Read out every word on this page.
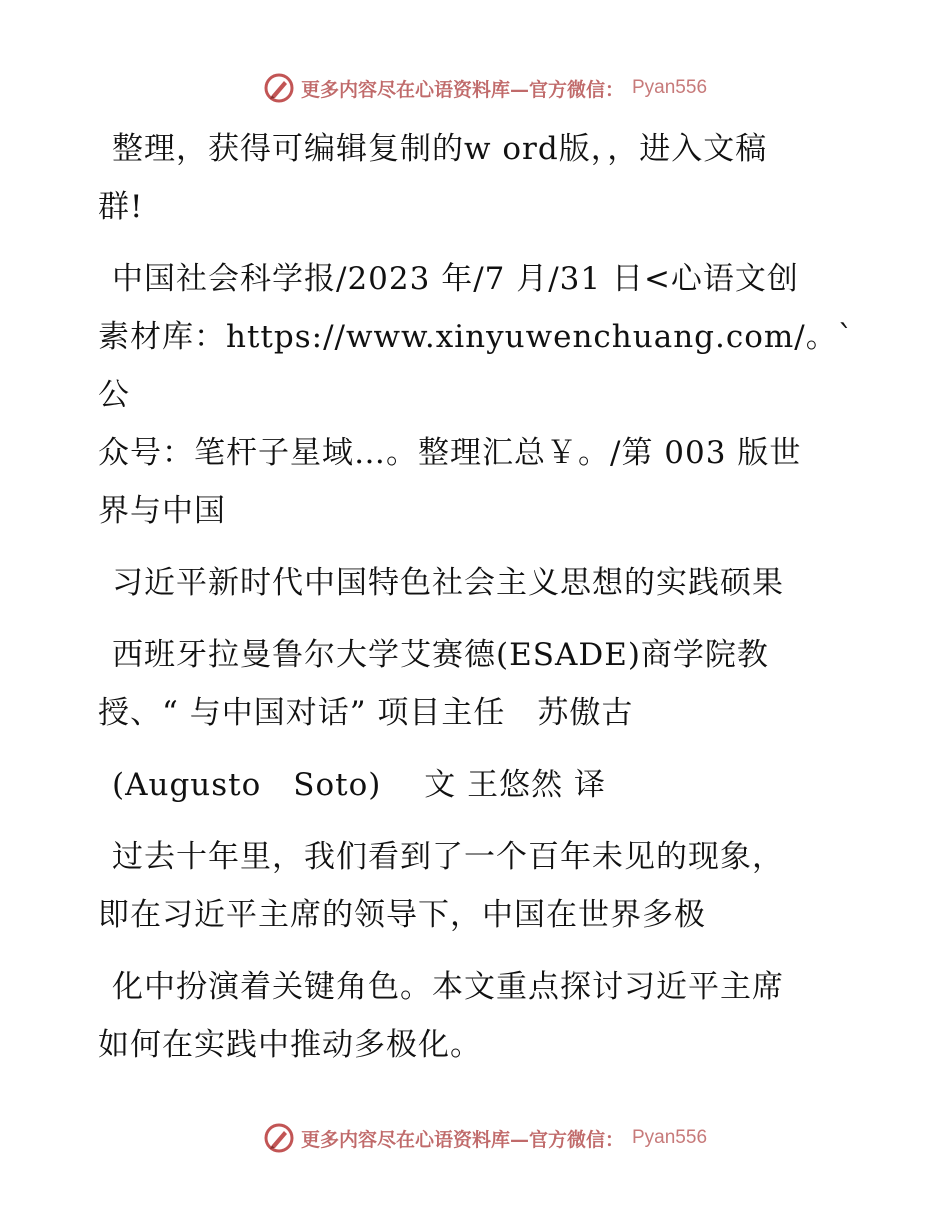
更多内容尽在心语资料库—官方微信： Pyan556

整理，获得可编辑复制的w ord版，，进入文稿
群!

中国社会科学报/2023 年/7 月/31 日<心语文创
素材库：https://www.xinyuwenchuang.com/。`公
众号：笔杆子星域…。整理汇总￥。/第 003 版世
界与中国

习近平新时代中国特色社会主义思想的实践硕果

西班牙拉曼鲁尔大学艾赛德(ESADE)商学院教
授、“ 与中国对话” 项目主任　苏傲古

(Augusto　Soto)　 文 王悠然 译

过去十年里，我们看到了一个百年未见的现象，
即在习近平主席的领导下，中国在世界多极

化中扮演着关键角色。本文重点探讨习近平主席
如何在实践中推动多极化。

更多内容尽在心语资料库—官方微信： Pyan556
